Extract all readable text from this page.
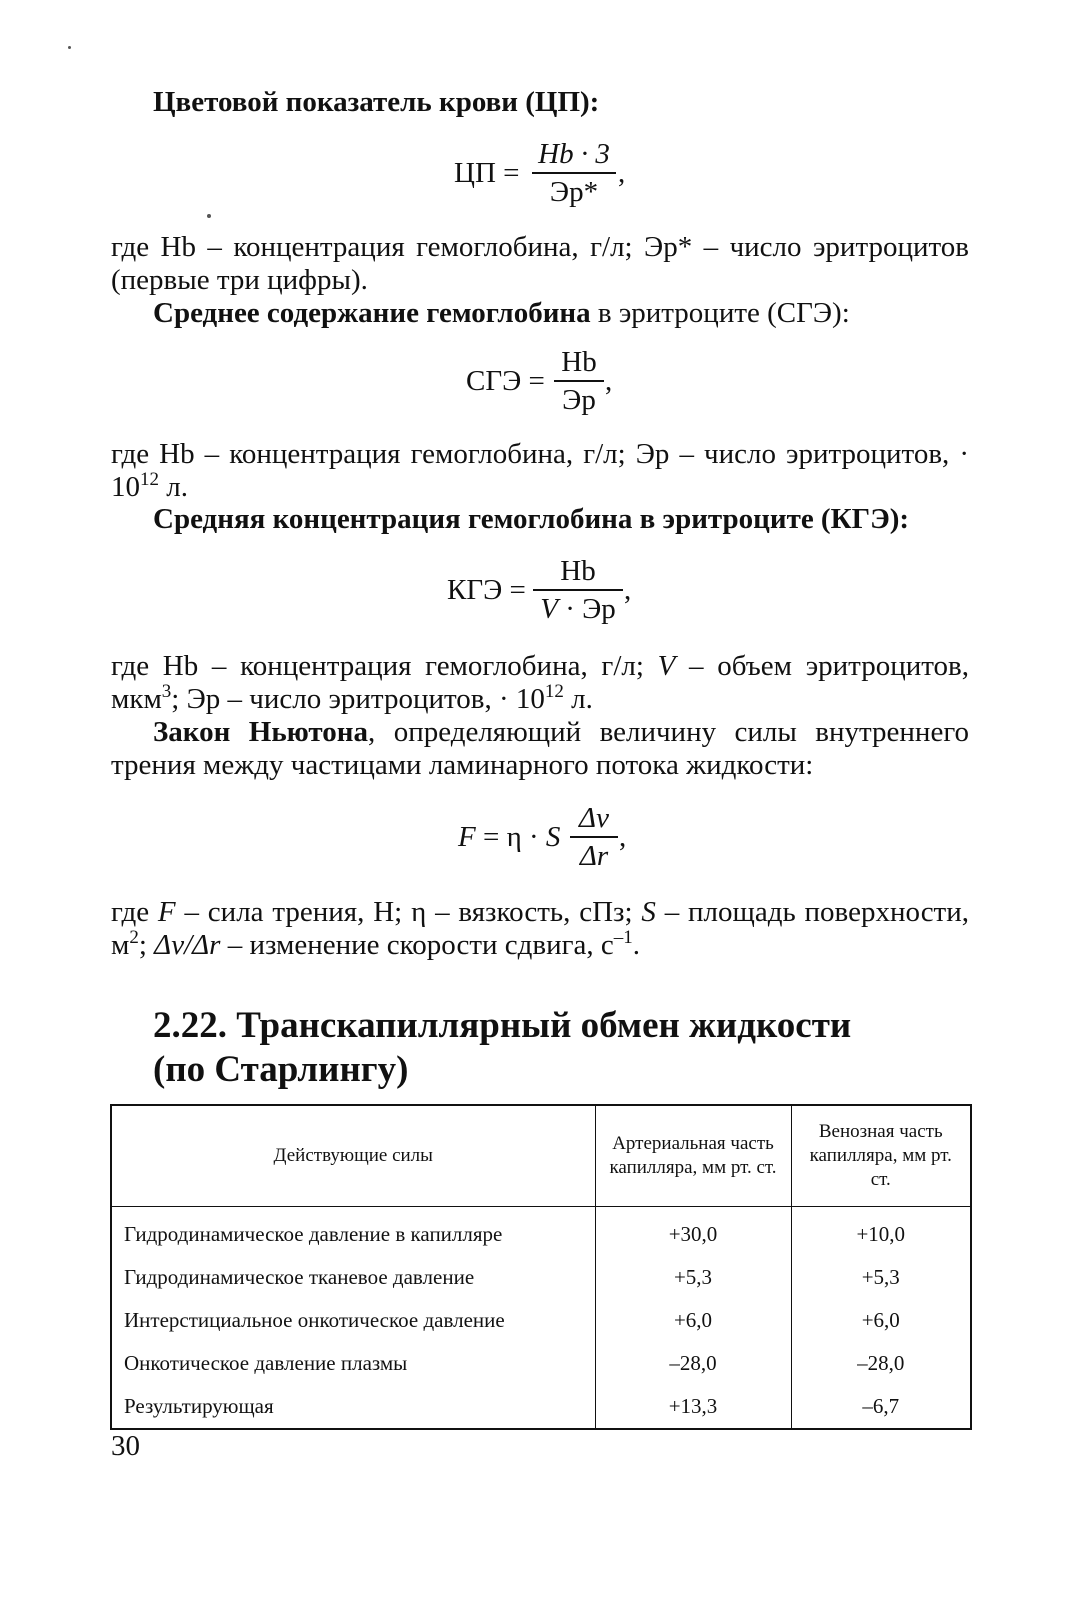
Цветовой показатель крови (ЦП):
ЦП =
Hb · 3
Эр*
,
где Hb – концентрация гемоглобина, г/л; Эр* – число эритроцитов (первые три цифры).
Среднее содержание гемоглобина в эритроците (СГЭ):
СГЭ =
Hb
Эр
,
где Hb – концентрация гемоглобина, г/л; Эр – число эритроцитов, · $10^{12}$ л.
Средняя концентрация гемоглобина в эритроците (КГЭ):
КГЭ =
Hb
V · Эр
,
где Hb – концентрация гемоглобина, г/л; V – объем эритроцитов, мкм$^3$; Эр – число эритроцитов, · $10^{12}$ л.
Закон Ньютона, определяющий величину силы внутреннего трения между частицами ламинарного потока жидкости:
F = η · S
Δv
Δr
,
где F – сила трения, Н; η – вязкость, сПз; S – площадь поверхности, $м^2$; Δv/Δr – изменение скорости сдвига, $с^{-1}$.
2.22. Транскапиллярный обмен жидкости
(по Старлингу)
Действующие силы	Артериальная часть капилляра, мм рт. ст.	Венозная часть капилляра, мм рт. ст.
Гидродинамическое давление в капилляре	+30,0	+10,0
Гидродинамическое тканевое давление	+5,3	+5,3
Интерстициальное онкотическое давление	+6,0	+6,0
Онкотическое давление плазмы	–28,0	–28,0
Результирующая	+13,3	–6,7
30
